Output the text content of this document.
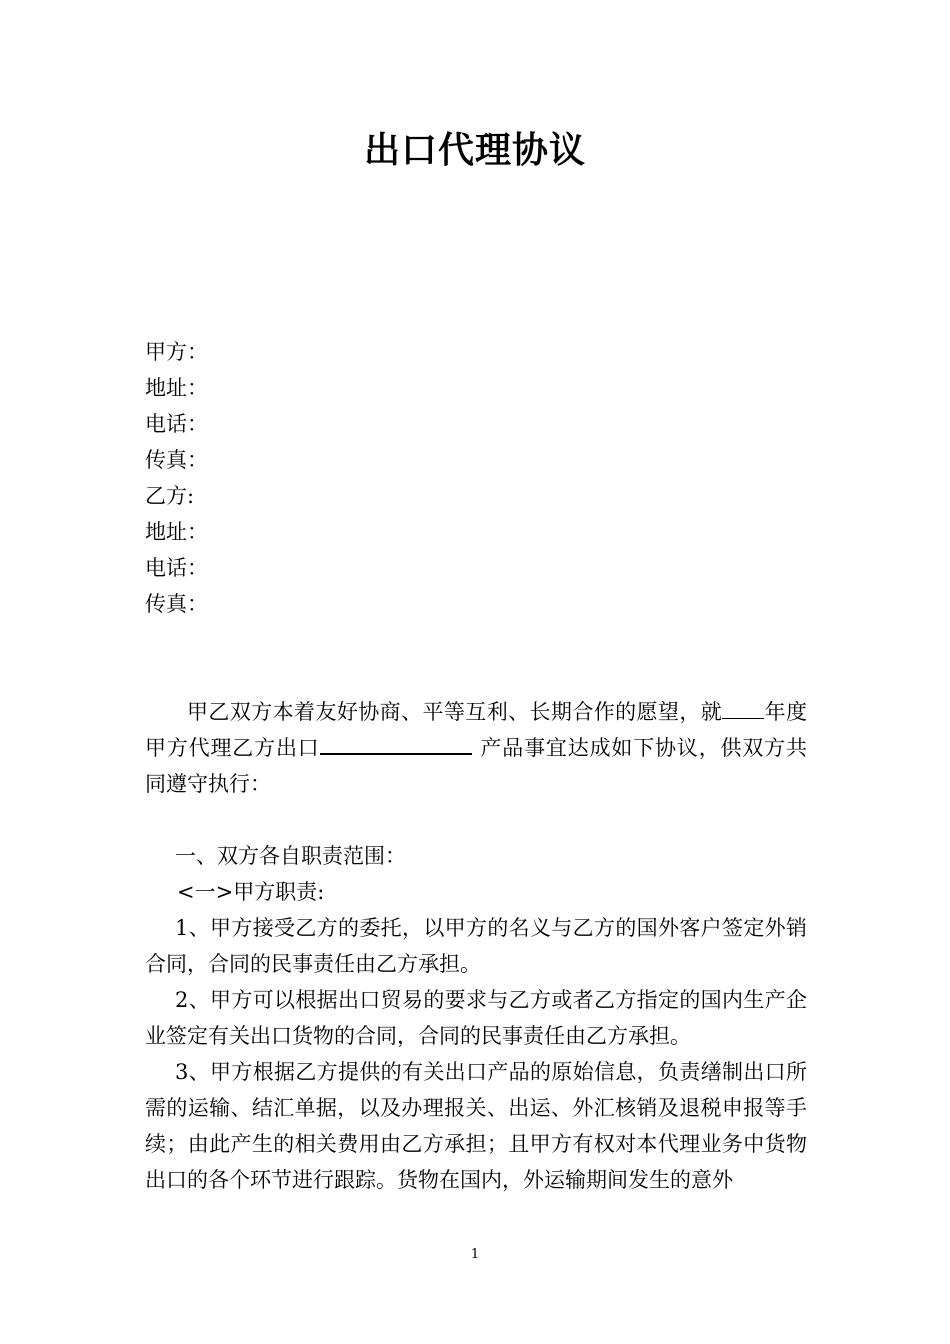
出口代理协议
甲方：
地址：
电话：
传真：
乙方:
地址：
电话：
传真：

甲乙双方本着友好协商、平等互利、长期合作的愿望，就 年度甲方代理乙方出口	产品事宜达成如下协议，供双方共同遵守执行：

一、双方各自职责范围：

<一>甲方职责:

1、甲方接受乙方的委托，以甲方的名义与乙方的国外客户签定外销合同，合同的民事责任由乙方承担。

2、甲方可以根据出口贸易的要求与乙方或者乙方指定的国内生产企业签定有关出口货物的合同，合同的民事责任由乙方承担。

3、甲方根据乙方提供的有关出口产品的原始信息，负责缮制出口所需的运输、结汇单据，以及办理报关、出运、外汇核销及退税申报等手续；由此产生的相关费用由乙方承担；且甲方有权对本代理业务中货物出口的各个环节进行跟踪。货物在国内，外运输期间发生的意外

1
